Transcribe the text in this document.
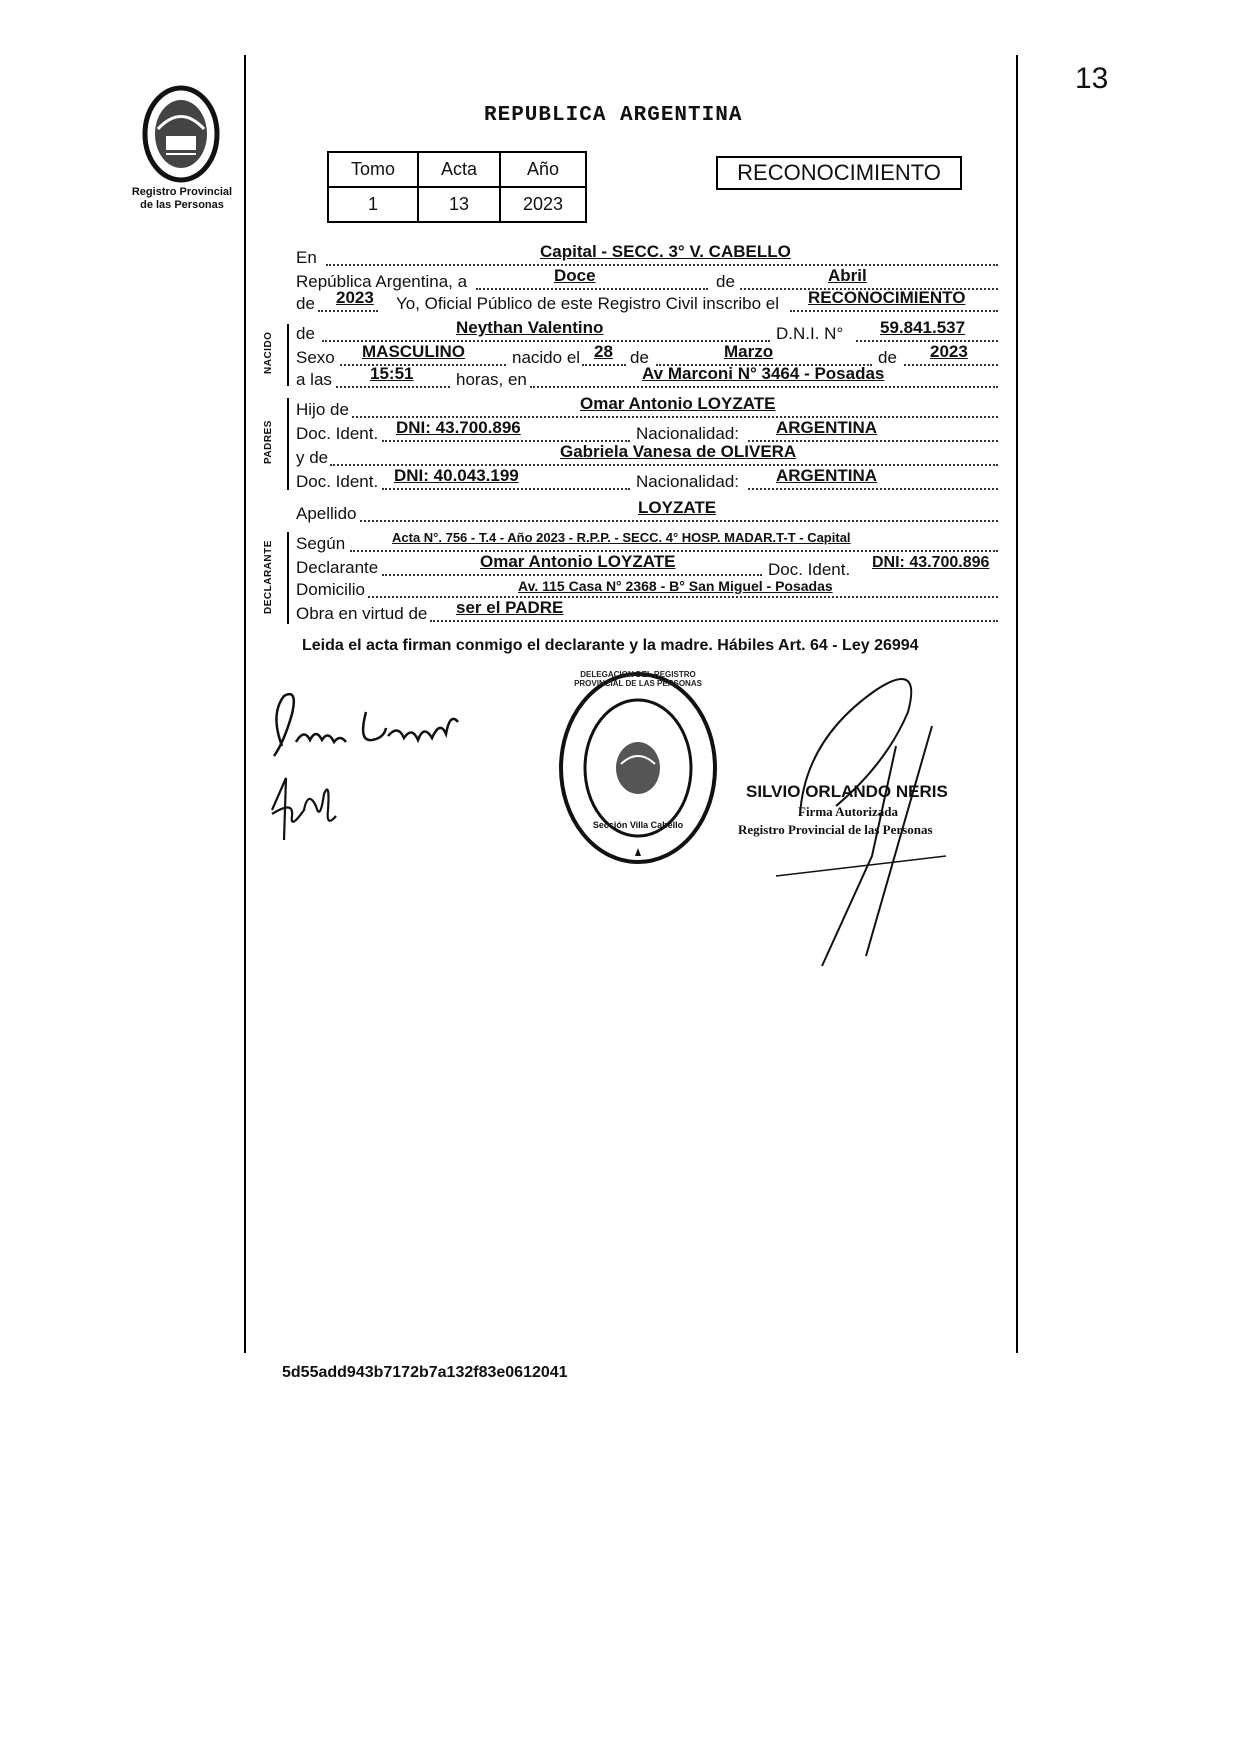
13
Registro Provincial
de las Personas
REPUBLICA ARGENTINA
Tomo	Acta	Año
1	13	2023
RECONOCIMIENTO
En	Capital - SECC. 3° V. CABELLO
República Argentina, a	Doce	de	Abril
de 2023 Yo, Oficial Público de este Registro Civil inscribo el RECONOCIMIENTO
NACIDO de	Neythan Valentino	D.N.I. N° 59.841.537
Sexo MASCULINO	nacido el 28 de	Marzo	de 2023
a las 15:51	horas, en	Av Marconi N° 3464 - Posadas
PADRES
Hijo de	Omar Antonio LOYZATE
Doc. Ident. DNI: 43.700.896	Nacionalidad: ARGENTINA
y de	Gabriela Vanesa de OLIVERA
Doc. Ident. DNI: 40.043.199	Nacionalidad: ARGENTINA
Apellido	LOYZATE
DECLARANTE Según	Acta N°. 756 - T.4 - Año 2023 - R.P.P. - SECC. 4° HOSP. MADAR.T-T - Capital
Declarante	Omar Antonio LOYZATE	Doc. Ident. DNI: 43.700.896
Domicilio	Av. 115 Casa N° 2368 - B° San Miguel - Posadas
Obra en virtud de ser el PADRE
Leida el acta firman conmigo el declarante y la madre. Hábiles Art. 64 - Ley 26994
DELEGACION DEL REGISTRO PROVINCIAL DE LAS PERSONAS
Sección Villa Cabello
SILVIO ORLANDO NERIS
Firma Autorizada
Registro Provincial de las Personas
5d55add943b7172b7a132f83e0612041
